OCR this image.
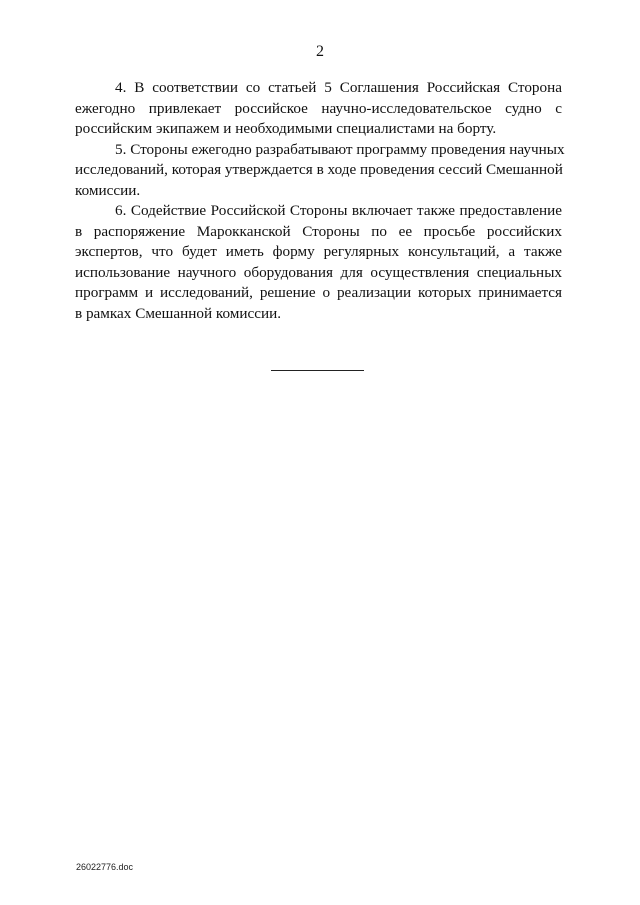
2

4. В соответствии со статьей 5 Соглашения Российская Сторона
ежегодно привлекает российское научно-исследовательское судно с
российским экипажем и необходимыми специалистами на борту.

5. Стороны ежегодно разрабатывают программу проведения научных
исследований, которая утверждается в ходе проведения сессий Смешанной
комиссии.

6. Содействие Российской Стороны включает также предоставление
в распоряжение Марокканской Стороны по ее просьбе российских
экспертов, что будет иметь форму регулярных консультаций, а также
использование научного оборудования для осуществления специальных
программ и исследований, решение о реализации которых принимается
в рамках Смешанной комиссии.

26022776.doc
